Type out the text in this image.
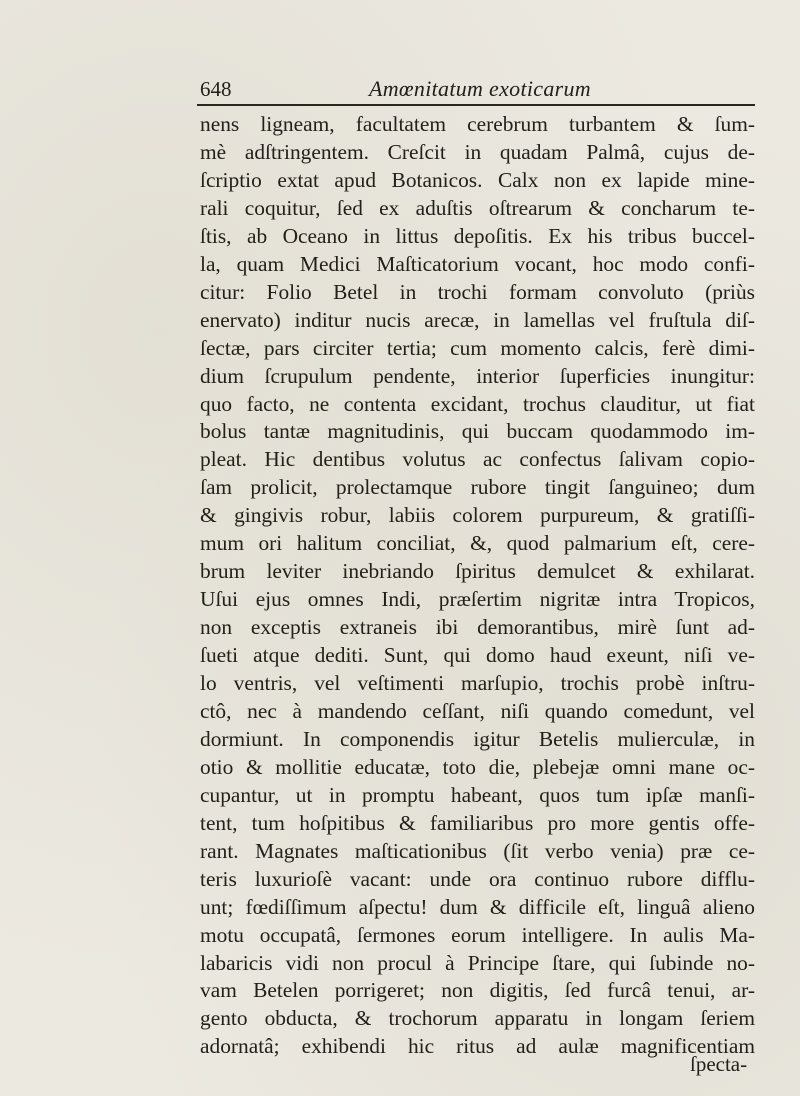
648	Amœnitatum exoticarum
nens ligneam, facultatem cerebrum turbantem & ſum-
mè adſtringentem. Creſcit in quadam Palmâ, cujus de-
ſcriptio extat apud Botanicos. Calx non ex lapide mine-
rali coquitur, ſed ex aduſtis oſtrearum & concharum te-
ſtis, ab Oceano in littus depoſitis. Ex his tribus buccel-
la, quam Medici Maſticatorium vocant, hoc modo confi-
citur: Folio Betel in trochi formam convoluto (priùs
enervato) inditur nucis arecæ, in lamellas vel fruſtula diſ-
ſectæ, pars circiter tertia; cum momento calcis, ferè dimi-
dium ſcrupulum pendente, interior ſuperficies inungitur:
quo facto, ne contenta excidant, trochus clauditur, ut fiat
bolus tantæ magnitudinis, qui buccam quodammodo im-
pleat. Hic dentibus volutus ac confectus ſalivam copio-
ſam prolicit, prolectamque rubore tingit ſanguineo; dum
& gingivis robur, labiis colorem purpureum, & gratiſſi-
mum ori halitum conciliat, &, quod palmarium eſt, cere-
brum leviter inebriando ſpiritus demulcet & exhilarat.
Uſui ejus omnes Indi, præſertim nigritæ intra Tropicos,
non exceptis extraneis ibi demorantibus, mirè ſunt ad-
ſueti atque dediti. Sunt, qui domo haud exeunt, niſi ve-
lo ventris, vel veſtimenti marſupio, trochis probè inſtru-
ctô, nec à mandendo ceſſant, niſi quando comedunt, vel
dormiunt. In componendis igitur Betelis mulierculæ, in
otio & mollitie educatæ, toto die, plebejæ omni mane oc-
cupantur, ut in promptu habeant, quos tum ipſæ manſi-
tent, tum hoſpitibus & familiaribus pro more gentis offe-
rant. Magnates maſticationibus (ſit verbo venia) præ ce-
teris luxurioſè vacant: unde ora continuo rubore difflu-
unt; fœdiſſimum aſpectu! dum & difficile eſt, linguâ alieno
motu occupatâ, ſermones eorum intelligere. In aulis Ma-
labaricis vidi non procul à Principe ſtare, qui ſubinde no-
vam Betelen porrigeret; non digitis, ſed furcâ tenui, ar-
gento obducta, & trochorum apparatu in longam ſeriem
adornatâ; exhibendi hic ritus ad aulæ magnificentiam
ſpecta-
